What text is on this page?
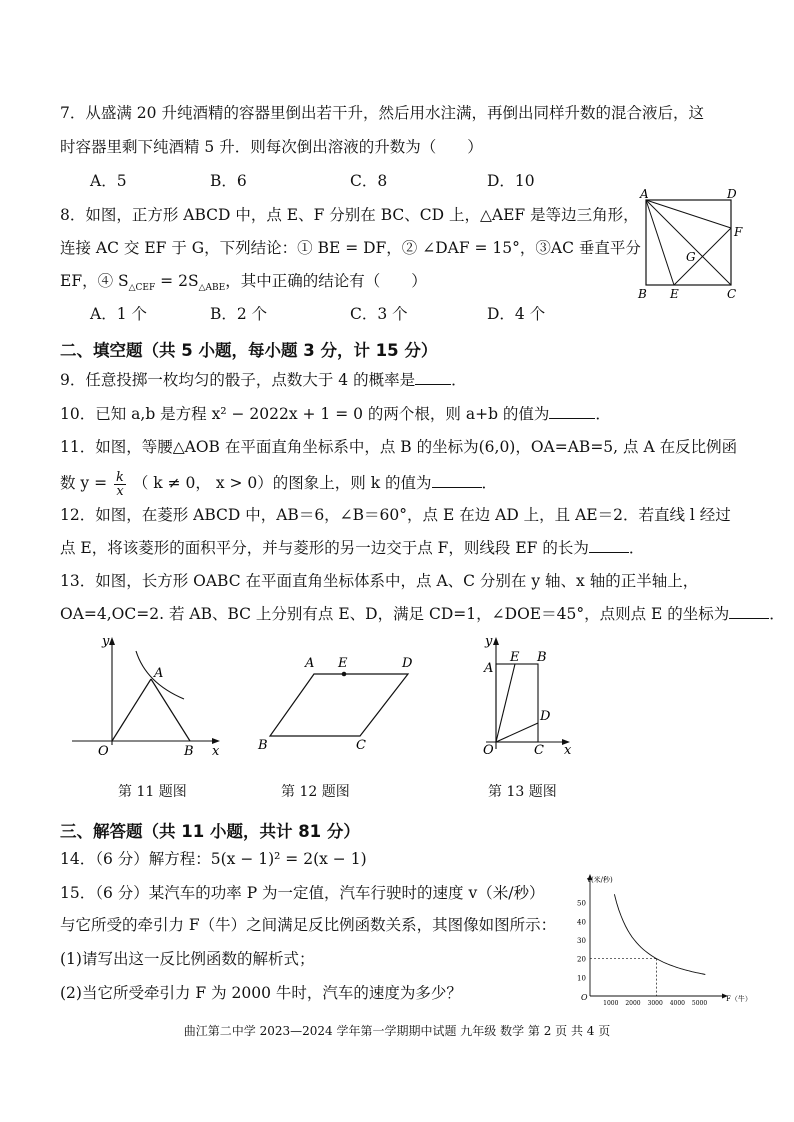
7．从盛满 20 升纯酒精的容器里倒出若干升，然后用水注满，再倒出同样升数的混合液后，这
时容器里剩下纯酒精 5 升．则每次倒出溶液的升数为（　　）
A．5	B．6	C．8	D．10
8．如图，正方形 ABCD 中，点 E、F 分别在 BC、CD 上，△AEF 是等边三角形，
连接 AC 交 EF 于 G，下列结论：① BE = DF，② ∠DAF = 15°，③AC 垂直平分
EF，④ $S_{\triangle CEF} = 2S_{\triangle ABE}$，其中正确的结论有（　　）
A．1 个	B．2 个	C．3 个	D．4 个
A	D
F
G
B E	C
二、填空题（共 5 小题，每小题 3 分，计 15 分）
9．任意投掷一枚均匀的骰子，点数大于 4 的概率是 ．
10．已知 a,b 是方程 x² − 2022x + 1 = 0 的两个根，则 a+b 的值为	．
11．如图，等腰△AOB 在平面直角坐标系中，点 B 的坐标为(6,0)，OA=AB=5, 点 A 在反比例函
数 $y = \frac{k}{x}$ （ k ≠ 0， x > 0）的图象上，则 k 的值为	．
12．如图，在菱形 ABCD 中，AB＝6，∠B＝60°，点 E 在边 AD 上，且 AE＝2．若直线 l 经过
点 E，将该菱形的面积平分，并与菱形的另一边交于点 F，则线段 EF 的长为	．
13．如图，长方形 OABC 在平面直角坐标体系中，点 A、C 分别在 y 轴、x 轴的正半轴上，
OA=4,OC=2. 若 AB、BC 上分别有点 E、D，满足 CD=1，∠DOE＝45°，点则点 E 的坐标为	．
y
A
O	B x
第 11 题图
A E	D
B	C
第 12 题图
y
A
E B
D
O	C x
第 13 题图
三、解答题（共 11 小题，共计 81 分）
14．（6 分）解方程：5(x − 1)² = 2(x − 1)
15．（6 分）某汽车的功率 P 为一定值，汽车行驶时的速度 v（米/秒）
与它所受的牵引力 F（牛）之间满足反比例函数关系，其图像如图所示：
(1)请写出这一反比例函数的解析式；
(2)当它所受牵引力 F 为 2000 牛时，汽车的速度为多少？
v(米/秒)
F（牛）
O
10
20
30
40
50
1000 2000 3000 4000 5000
曲江第二中学 2023—2024 学年第一学期期中试题 九年级 数学 第 2 页 共 4 页
